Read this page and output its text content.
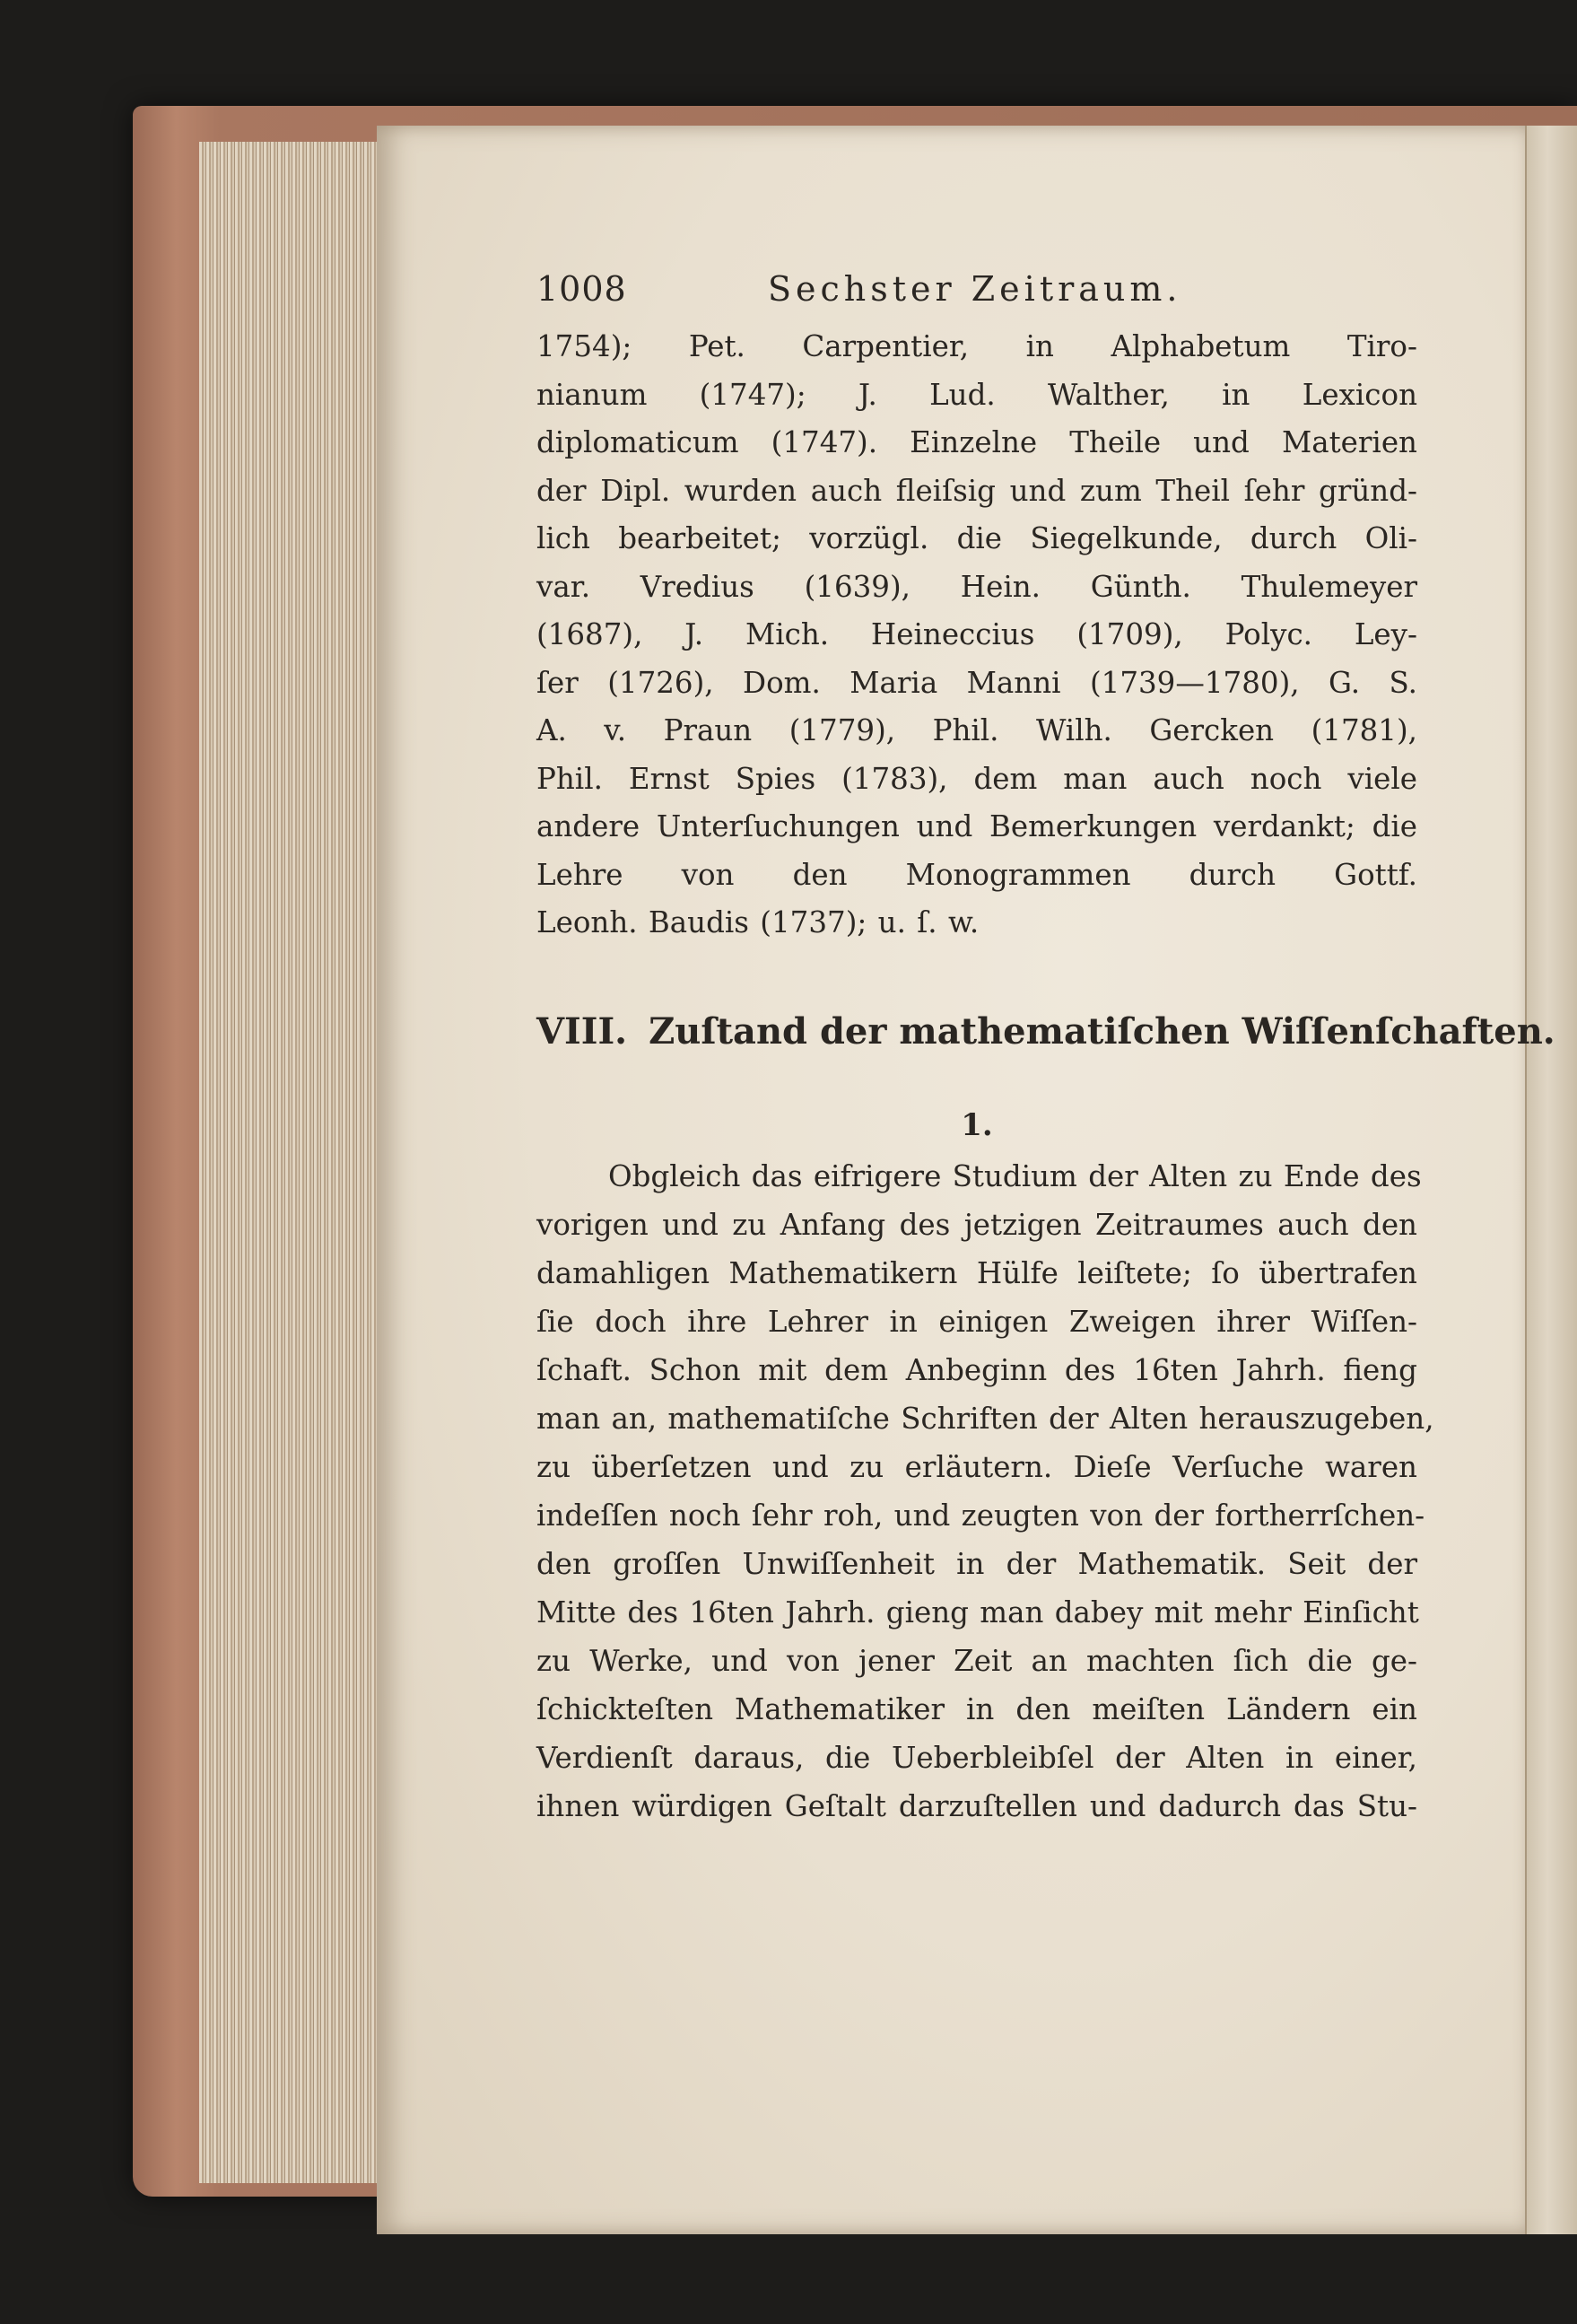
1008	Sechster Zeitraum.
1754); Pet. Carpentier, in Alphabetum Tiro-
nianum (1747); J. Lud. Walther, in Lexicon
diplomaticum (1747). Einzelne Theile und Materien
der Dipl. wurden auch fleiſsig und zum Theil ſehr gründ-
lich bearbeitet; vorzügl. die Siegelkunde, durch Oli-
var. Vredius (1639), Hein. Günth. Thulemeyer
(1687), J. Mich. Heineccius (1709), Polyc. Ley-
ſer (1726), Dom. Maria Manni (1739—1780), G. S.
A. v. Praun (1779), Phil. Wilh. Gercken (1781),
Phil. Ernst Spies (1783), dem man auch noch viele
andere Unterſuchungen und Bemerkungen verdankt; die
Lehre von den Monogrammen durch Gottf.
Leonh. Baudis (1737); u. ſ. w.
VIII. Zuſtand der mathematiſchen Wiſſenſchaften.
1.
Obgleich das eifrigere Studium der Alten zu Ende des
vorigen und zu Anfang des jetzigen Zeitraumes auch den
damahligen Mathematikern Hülfe leiſtete; ſo übertrafen
ſie doch ihre Lehrer in einigen Zweigen ihrer Wiſſen-
ſchaft. Schon mit dem Anbeginn des 16ten Jahrh. fieng
man an, mathematiſche Schriften der Alten herauszugeben,
zu überſetzen und zu erläutern. Dieſe Verſuche waren
indeſſen noch ſehr roh, und zeugten von der fortherrſchen-
den groſſen Unwiſſenheit in der Mathematik. Seit der
Mitte des 16ten Jahrh. gieng man dabey mit mehr Einſicht
zu Werke, und von jener Zeit an machten ſich die ge-
ſchickteſten Mathematiker in den meiſten Ländern ein
Verdienſt daraus, die Ueberbleibſel der Alten in einer,
ihnen würdigen Geſtalt darzuſtellen und dadurch das Stu-
